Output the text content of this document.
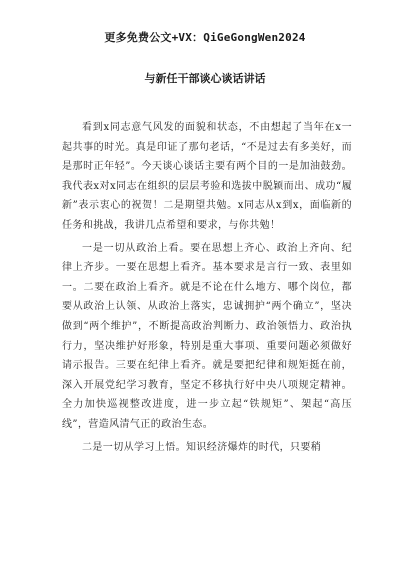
更多免费公文+VX：QiGeGongWen2024
与新任干部谈心谈话讲话

看到x同志意气风发的面貌和状态，不由想起了当年在x一起共事的时光。真是印证了那句老话，“不是过去有多美好，而是那时正年轻”。今天谈心谈话主要有两个目的一是加油鼓劲。我代表x对x同志在组织的层层考验和选拔中脱颖而出、成功“履新”表示衷心的祝贺！二是期望共勉。x同志从x到x，面临新的任务和挑战，我讲几点希望和要求，与你共勉！

一是一切从政治上看。要在思想上齐心、政治上齐向、纪律上齐步。一要在思想上看齐。基本要求是言行一致、表里如一。二要在政治上看齐。就是不论在什么地方、哪个岗位，都要从政治上认领、从政治上落实，忠诚拥护“两个确立”，坚决做到“两个维护”，不断提高政治判断力、政治领悟力、政治执行力，坚决维护好形象，特别是重大事项、重要问题必须做好请示报告。三要在纪律上看齐。就是要把纪律和规矩挺在前，深入开展党纪学习教育，坚定不移执行好中央八项规定精神。全力加快巡视整改进度，进一步立起“铁规矩”、架起“高压线”，营造风清气正的政治生态。

二是一切从学习上悟。知识经济爆炸的时代，只要稍
